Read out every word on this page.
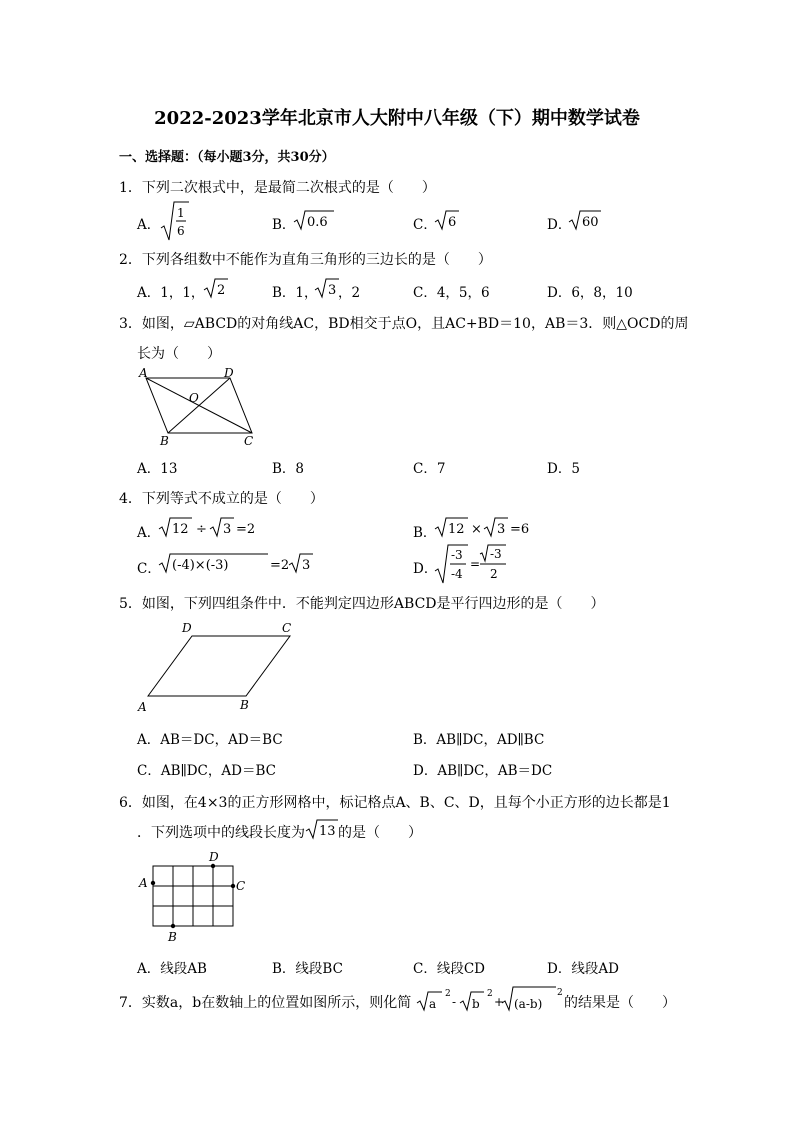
2022-2023学年北京市人大附中八年级（下）期中数学试卷
一、选择题：（每小题3分，共30分）
1．下列二次根式中，是最简二次根式的是（　　）
A．
1
6	B． 0.6	C． 6	D． 60
2．下列各组数中不能作为直角三角形的三边长的是（　　）
A．1，1， 2	B．1， 3 ，2	C．4，5，6	D．6，8，10
3．如图，▱ABCD的对角线AC，BD相交于点O，且AC+BD＝10，AB＝3．则△OCD的周
长为（　　）
A	D
O
B	C
A．13	B．8	C．7	D．5
4．下列等式不成立的是（　　）
A． 12 ÷ 3 =2	B． 12 × 3 =6
C． (-4)×(-3)	=2 3	D．
-3
-4
=
-3
2
5．如图，下列四组条件中．不能判定四边形ABCD是平行四边形的是（　　）
D	C
A	B
A．AB＝DC，AD＝BC	B．AB∥DC，AD∥BC
C．AB∥DC，AD＝BC	D．AB∥DC，AB＝DC
6．如图，在4×3的正方形网格中，标记格点A、B、C、D，且每个小正方形的边长都是1
．下列选项中的线段长度为 13 的是（　　）
A
D
C
B
A．线段AB	B．线段BC	C．线段CD	D．线段AD
7．实数a，b在数轴上的位置如图所示，则化简 a
2
- b
2
+ (a-b)
2
的结果是（　　）
